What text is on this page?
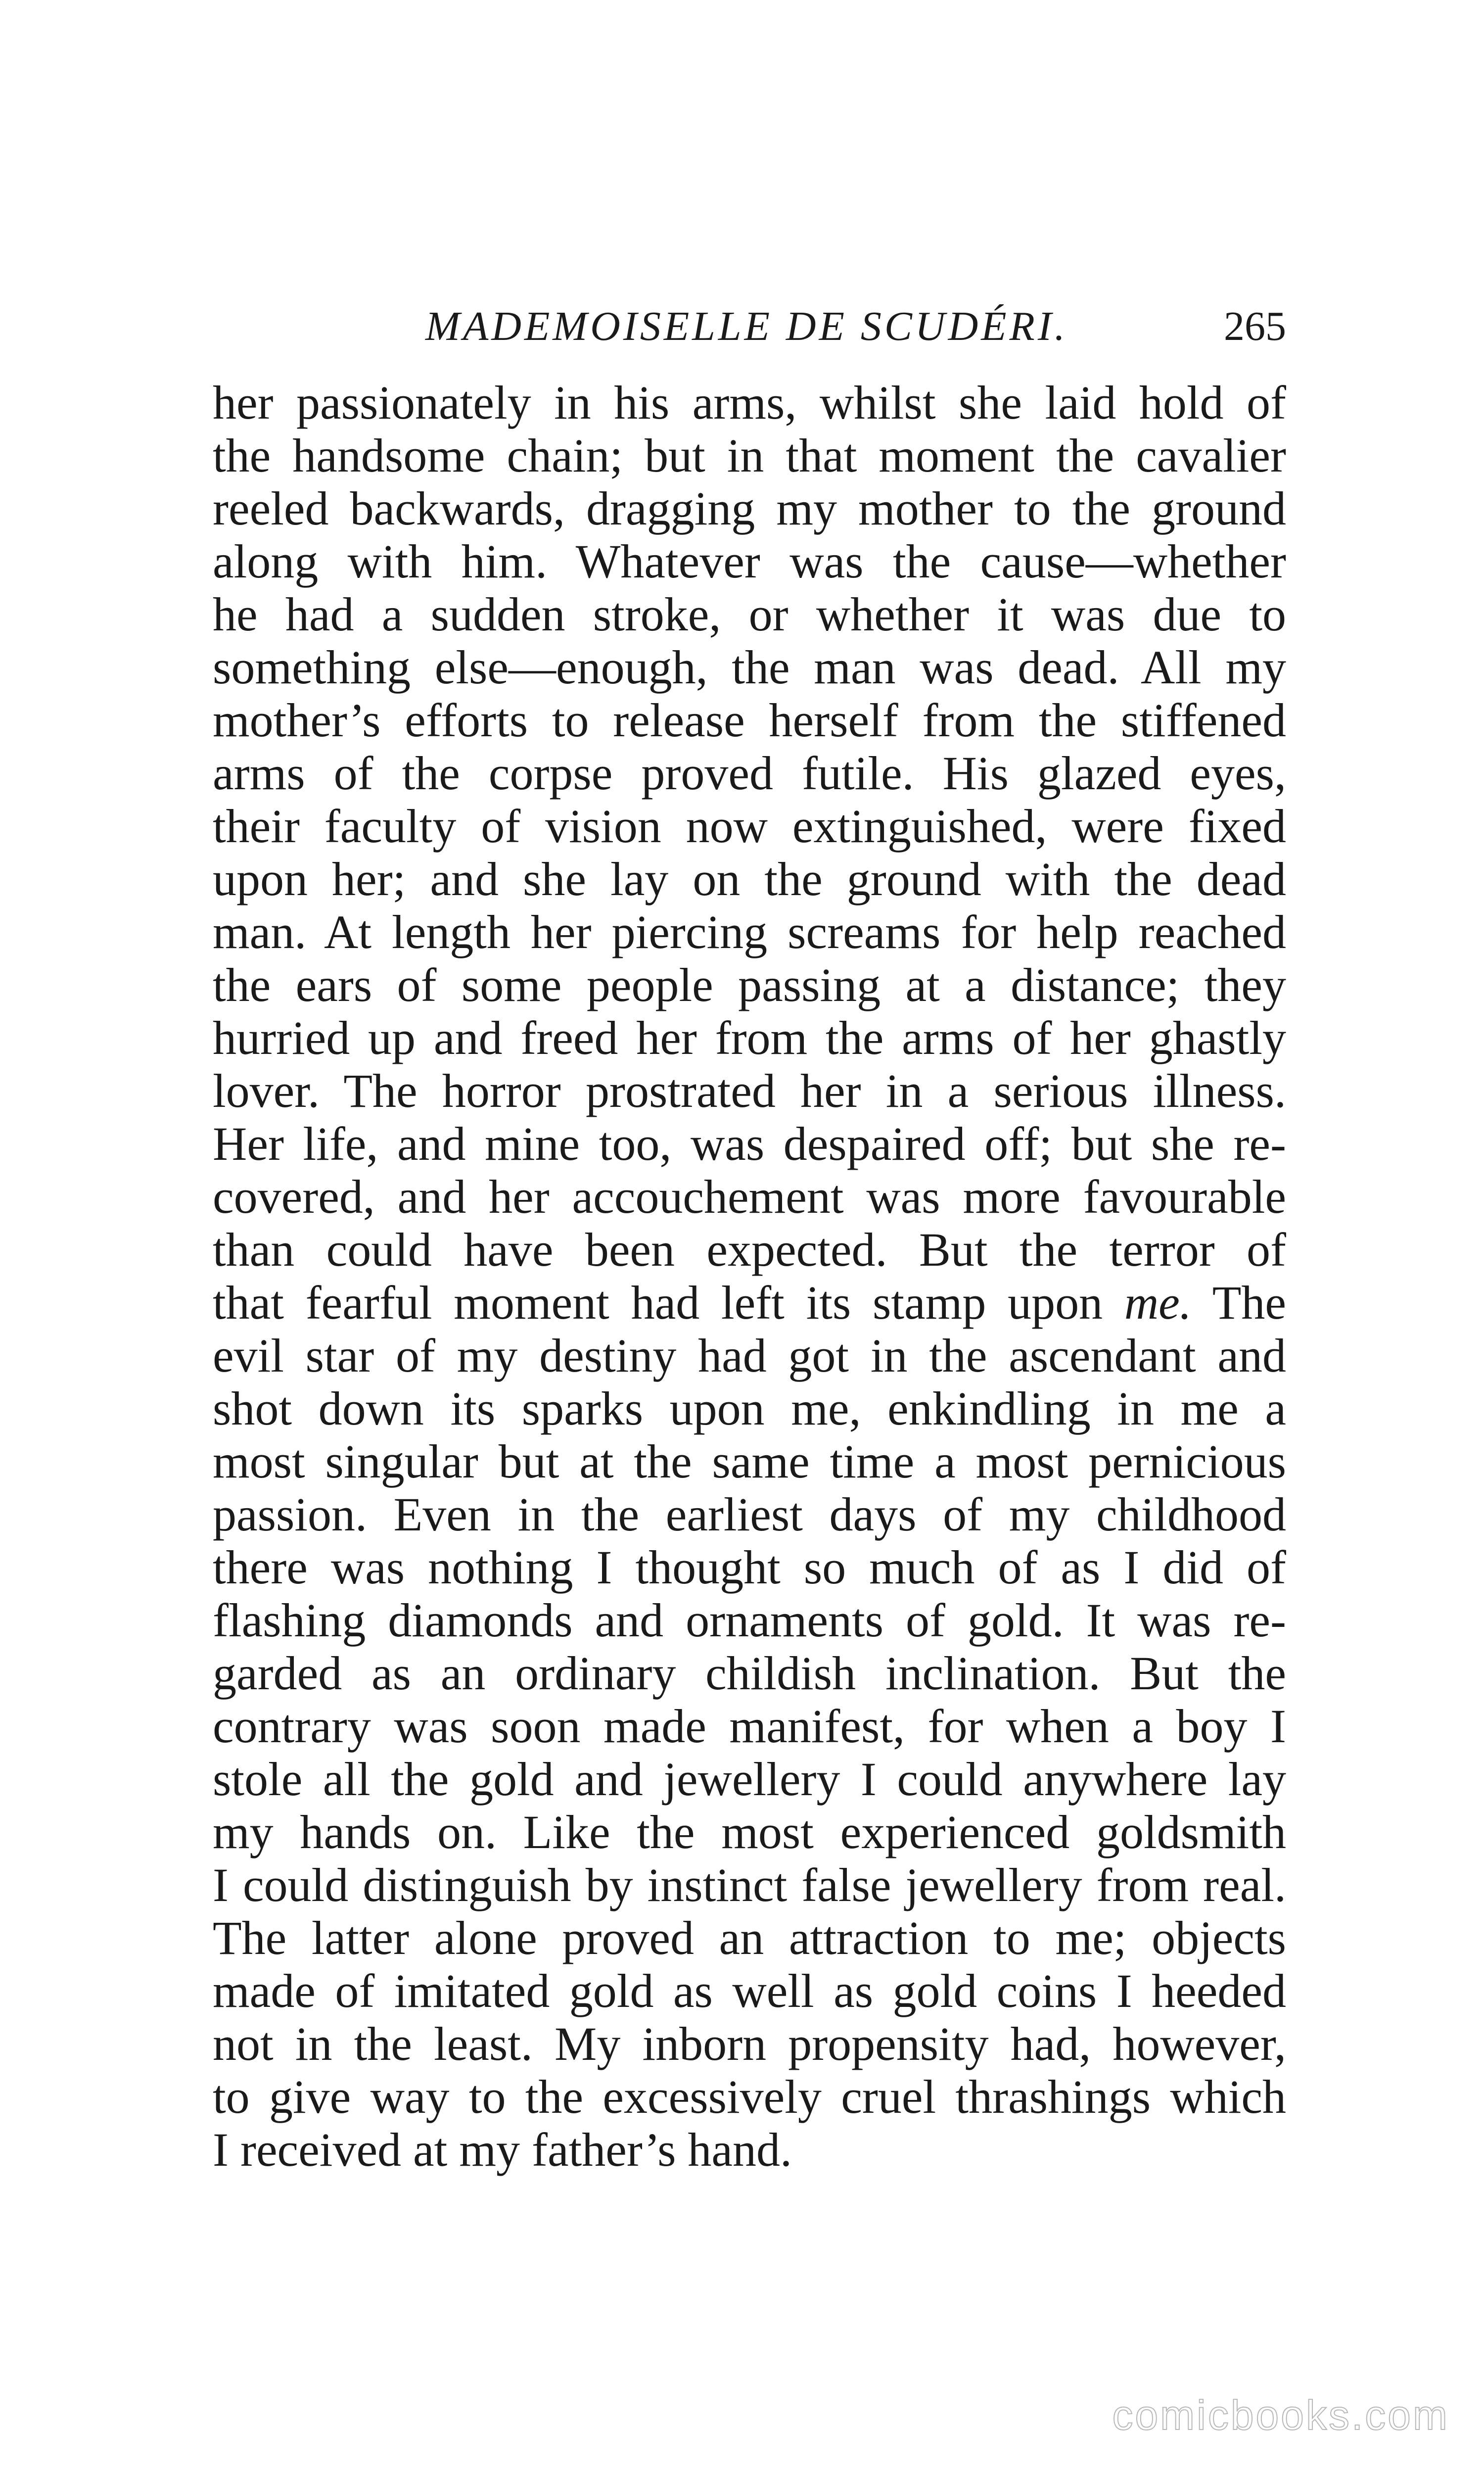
MADEMOISELLE DE SCUDÉRI.	265
her passionately in his arms, whilst she laid hold of
the handsome chain; but in that moment the cavalier
reeled backwards, dragging my mother to the ground
along with him. Whatever was the cause—whether
he had a sudden stroke, or whether it was due to
something else—enough, the man was dead. All my
mother’s efforts to release herself from the stiffened
arms of the corpse proved futile. His glazed eyes,
their faculty of vision now extinguished, were fixed
upon her; and she lay on the ground with the dead
man. At length her piercing screams for help reached
the ears of some people passing at a distance; they
hurried up and freed her from the arms of her ghastly
lover. The horror prostrated her in a serious illness.
Her life, and mine too, was despaired off; but she re-
covered, and her accouchement was more favourable
than could have been expected. But the terror of
that fearful moment had left its stamp upon me. The
evil star of my destiny had got in the ascendant and
shot down its sparks upon me, enkindling in me a
most singular but at the same time a most pernicious
passion. Even in the earliest days of my childhood
there was nothing I thought so much of as I did of
flashing diamonds and ornaments of gold. It was re-
garded as an ordinary childish inclination. But the
contrary was soon made manifest, for when a boy I
stole all the gold and jewellery I could anywhere lay
my hands on. Like the most experienced goldsmith
I could distinguish by instinct false jewellery from real.
The latter alone proved an attraction to me; objects
made of imitated gold as well as gold coins I heeded
not in the least. My inborn propensity had, however,
to give way to the excessively cruel thrashings which
I received at my father’s hand.
comicbooks.com
